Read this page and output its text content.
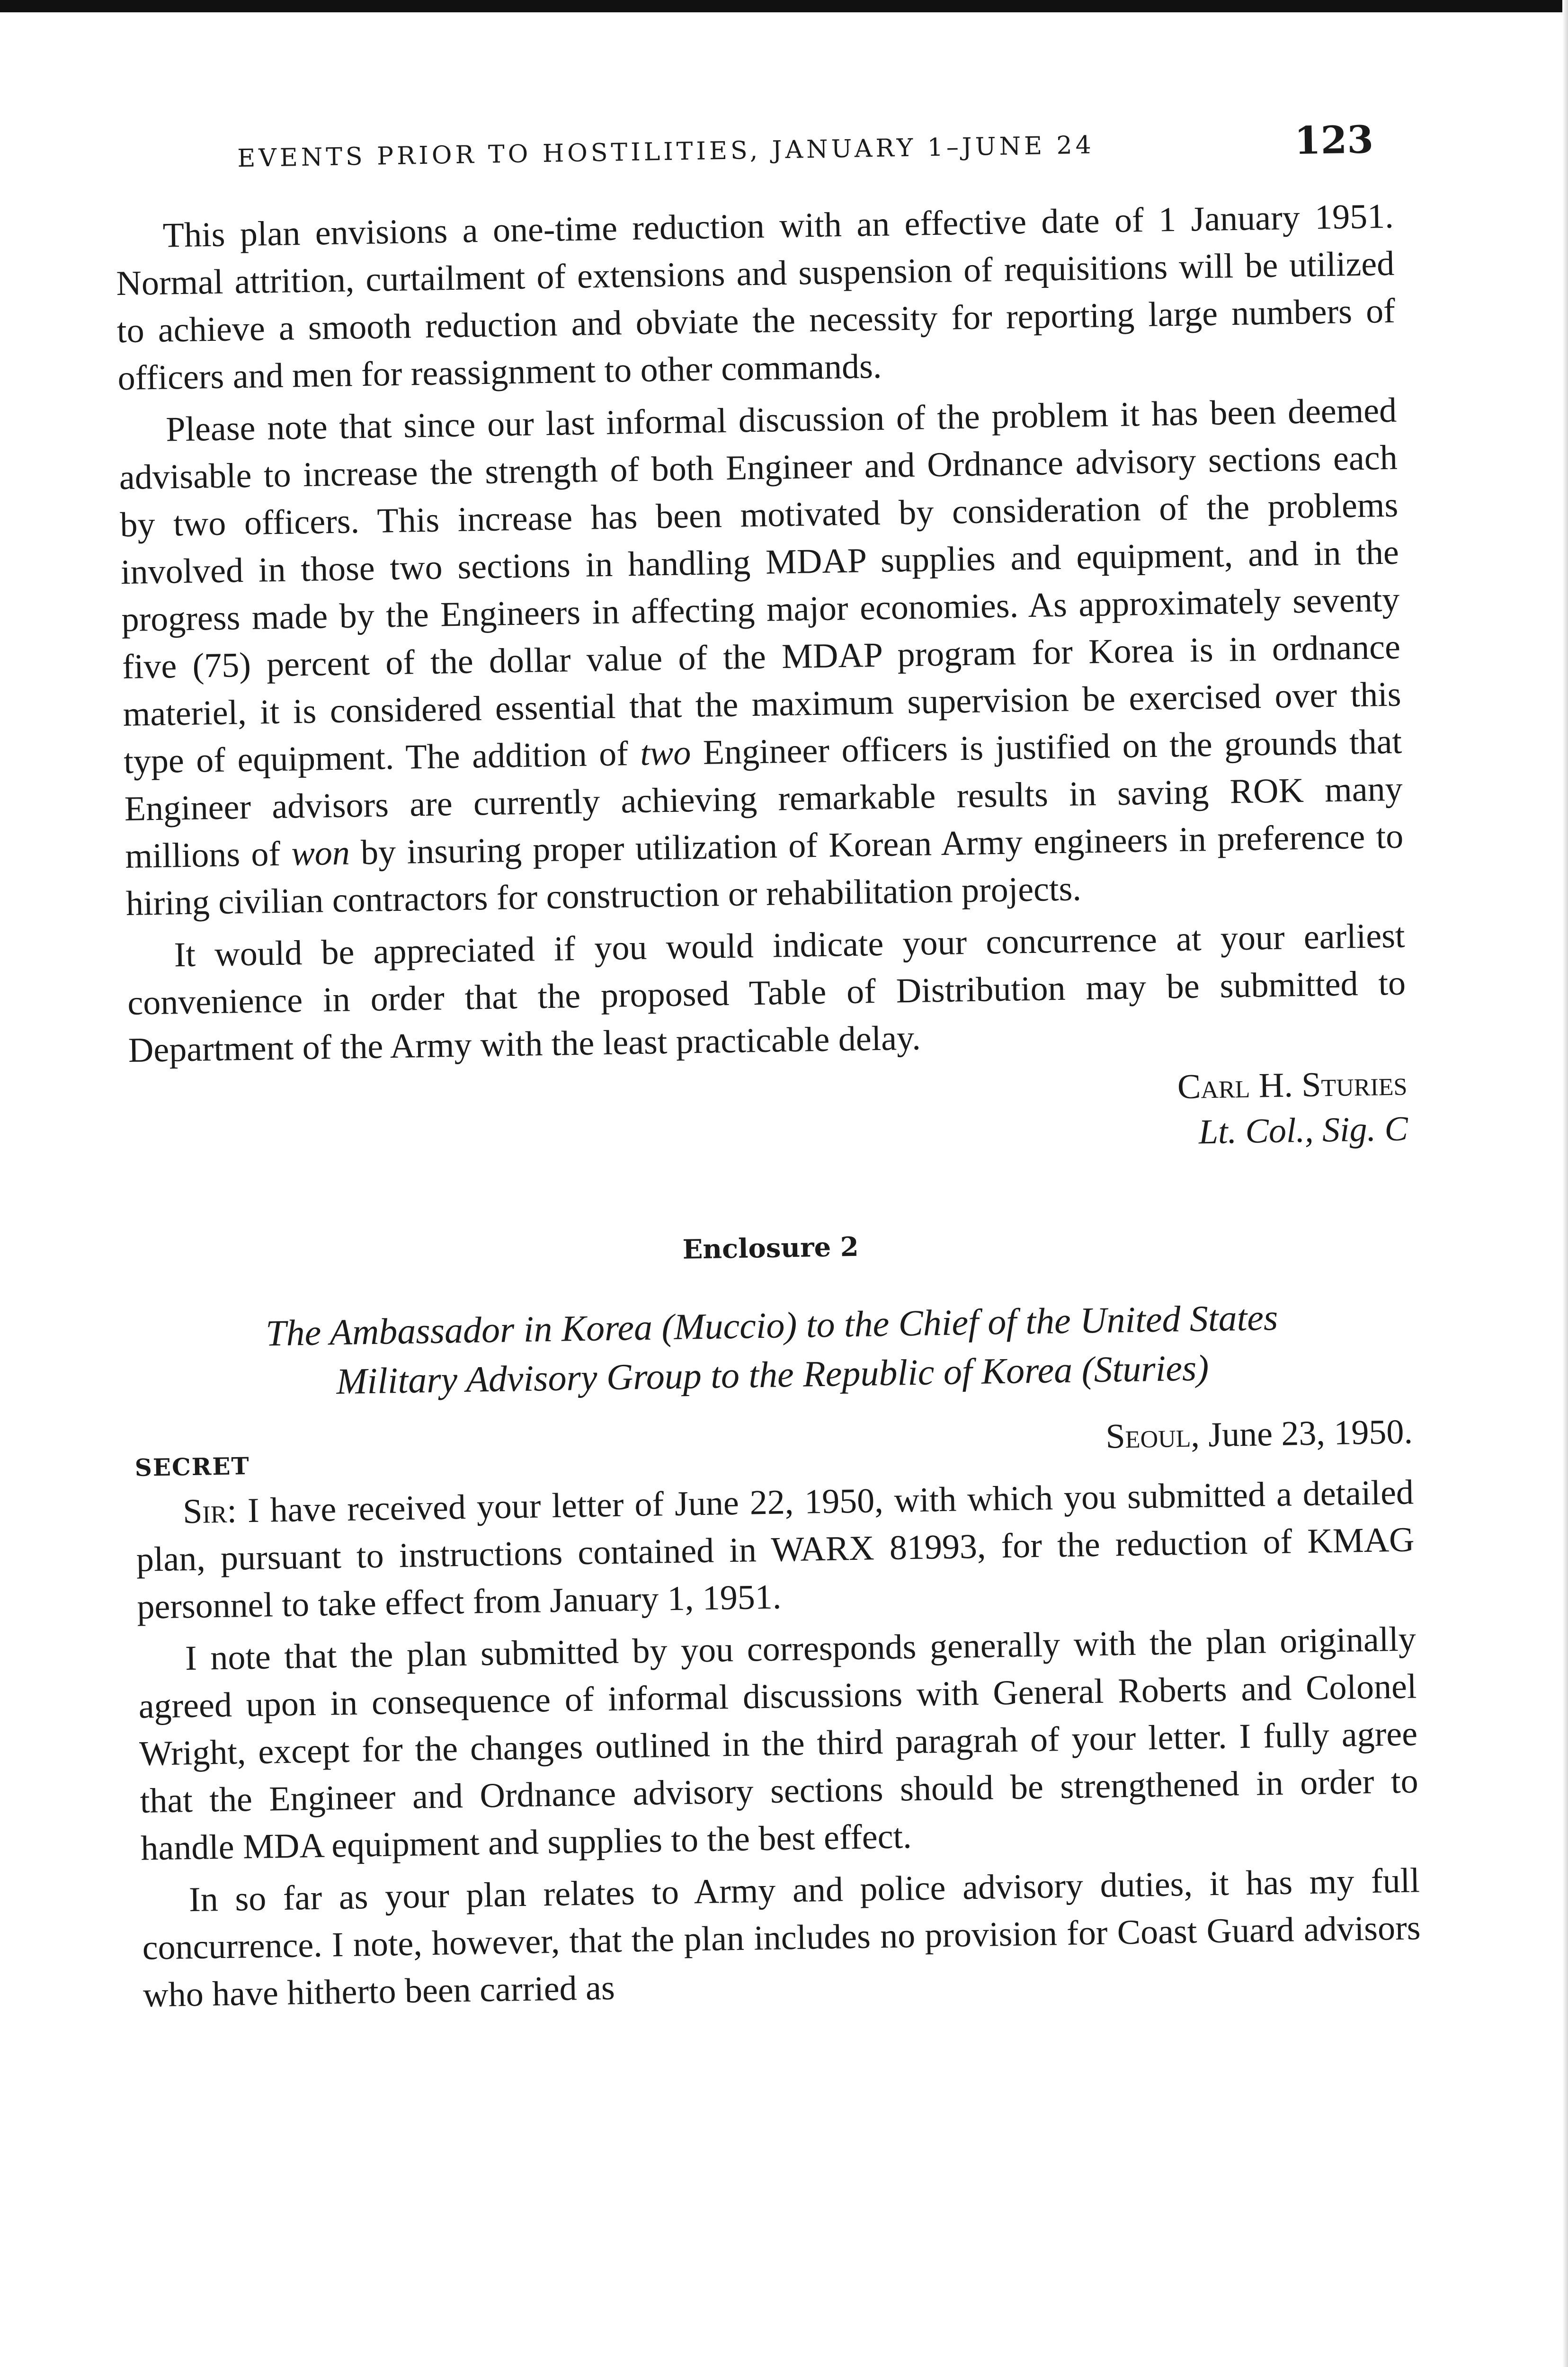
EVENTS PRIOR TO HOSTILITIES, JANUARY 1–JUNE 24	123

This plan envisions a one-time reduction with an effective date of 1 January 1951. Normal attrition, curtailment of extensions and suspension of requisitions will be utilized to achieve a smooth reduction and obviate the necessity for reporting large numbers of officers and men for reassignment to other commands.

Please note that since our last informal discussion of the problem it has been deemed advisable to increase the strength of both Engineer and Ordnance advisory sections each by two officers. This increase has been motivated by consideration of the problems involved in those two sections in handling MDAP supplies and equipment, and in the progress made by the Engineers in affecting major economies. As approximately seventy five (75) percent of the dollar value of the MDAP program for Korea is in ordnance materiel, it is considered essential that the maximum supervision be exercised over this type of equipment. The addition of two Engineer officers is justified on the grounds that Engineer advisors are currently achieving remarkable results in saving ROK many millions of won by insuring proper utilization of Korean Army engineers in preference to hiring civilian contractors for construction or rehabilitation projects.

It would be appreciated if you would indicate your concurrence at your earliest convenience in order that the proposed Table of Distribution may be submitted to Department of the Army with the least practicable delay.

Carl H. Sturies
Lt. Col., Sig. C
Enclosure 2
The Ambassador in Korea (Muccio) to the Chief of the United States
Military Advisory Group to the Republic of Korea (Sturies)
SECRET
Seoul, June 23, 1950.

Sir: I have received your letter of June 22, 1950, with which you submitted a detailed plan, pursuant to instructions contained in WARX 81993, for the reduction of KMAG personnel to take effect from January 1, 1951.

I note that the plan submitted by you corresponds generally with the plan originally agreed upon in consequence of informal discussions with General Roberts and Colonel Wright, except for the changes outlined in the third paragrah of your letter. I fully agree that the Engineer and Ordnance advisory sections should be strengthened in order to handle MDA equipment and supplies to the best effect.

In so far as your plan relates to Army and police advisory duties, it has my full concurrence. I note, however, that the plan includes no provision for Coast Guard advisors who have hitherto been carried as
